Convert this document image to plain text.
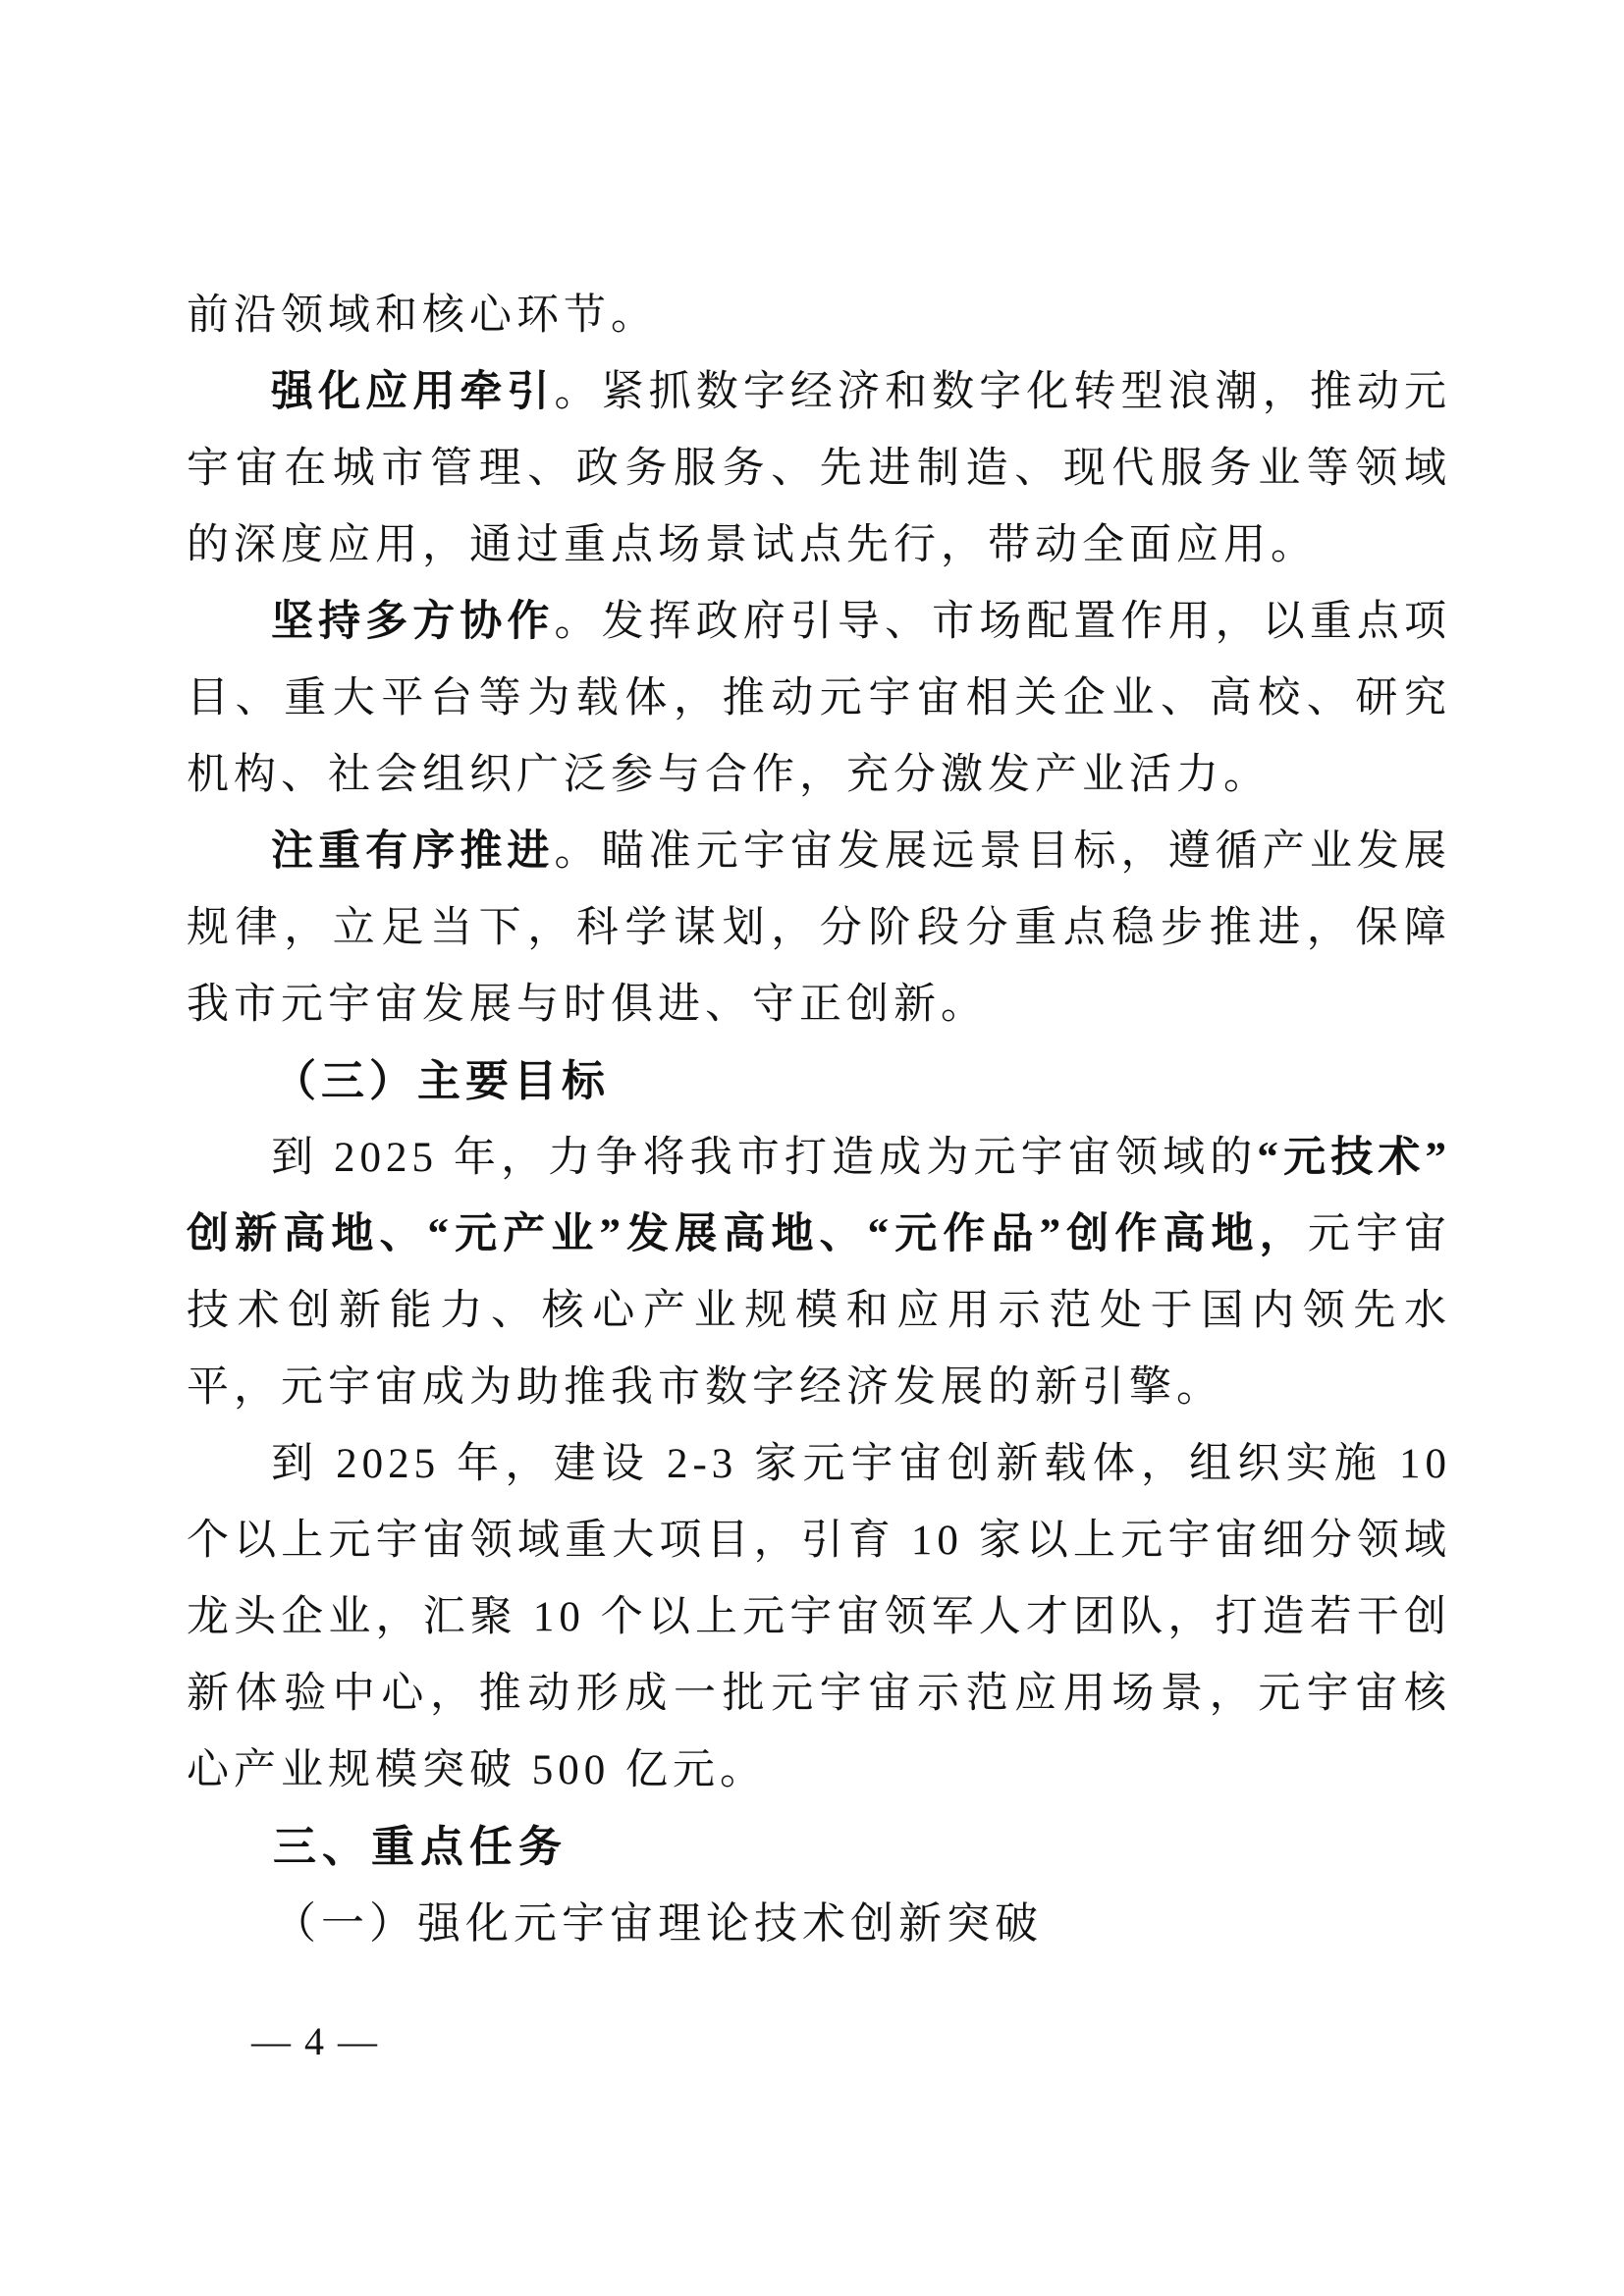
前沿领域和核心环节。

强化应用牵引。紧抓数字经济和数字化转型浪潮，推动元宇宙在城市管理、政务服务、先进制造、现代服务业等领域的深度应用，通过重点场景试点先行，带动全面应用。

坚持多方协作。发挥政府引导、市场配置作用，以重点项目、重大平台等为载体，推动元宇宙相关企业、高校、研究机构、社会组织广泛参与合作，充分激发产业活力。

注重有序推进。瞄准元宇宙发展远景目标，遵循产业发展规律，立足当下，科学谋划，分阶段分重点稳步推进，保障我市元宇宙发展与时俱进、守正创新。

（三）主要目标

到 2025 年，力争将我市打造成为元宇宙领域的“元技术”创新高地、“元产业”发展高地、“元作品”创作高地，元宇宙技术创新能力、核心产业规模和应用示范处于国内领先水平，元宇宙成为助推我市数字经济发展的新引擎。

到 2025 年，建设 2-3 家元宇宙创新载体，组织实施 10 个以上元宇宙领域重大项目，引育 10 家以上元宇宙细分领域龙头企业，汇聚 10 个以上元宇宙领军人才团队，打造若干创新体验中心，推动形成一批元宇宙示范应用场景，元宇宙核心产业规模突破 500 亿元。

三、重点任务
（一）强化元宇宙理论技术创新突破
— 4 —
